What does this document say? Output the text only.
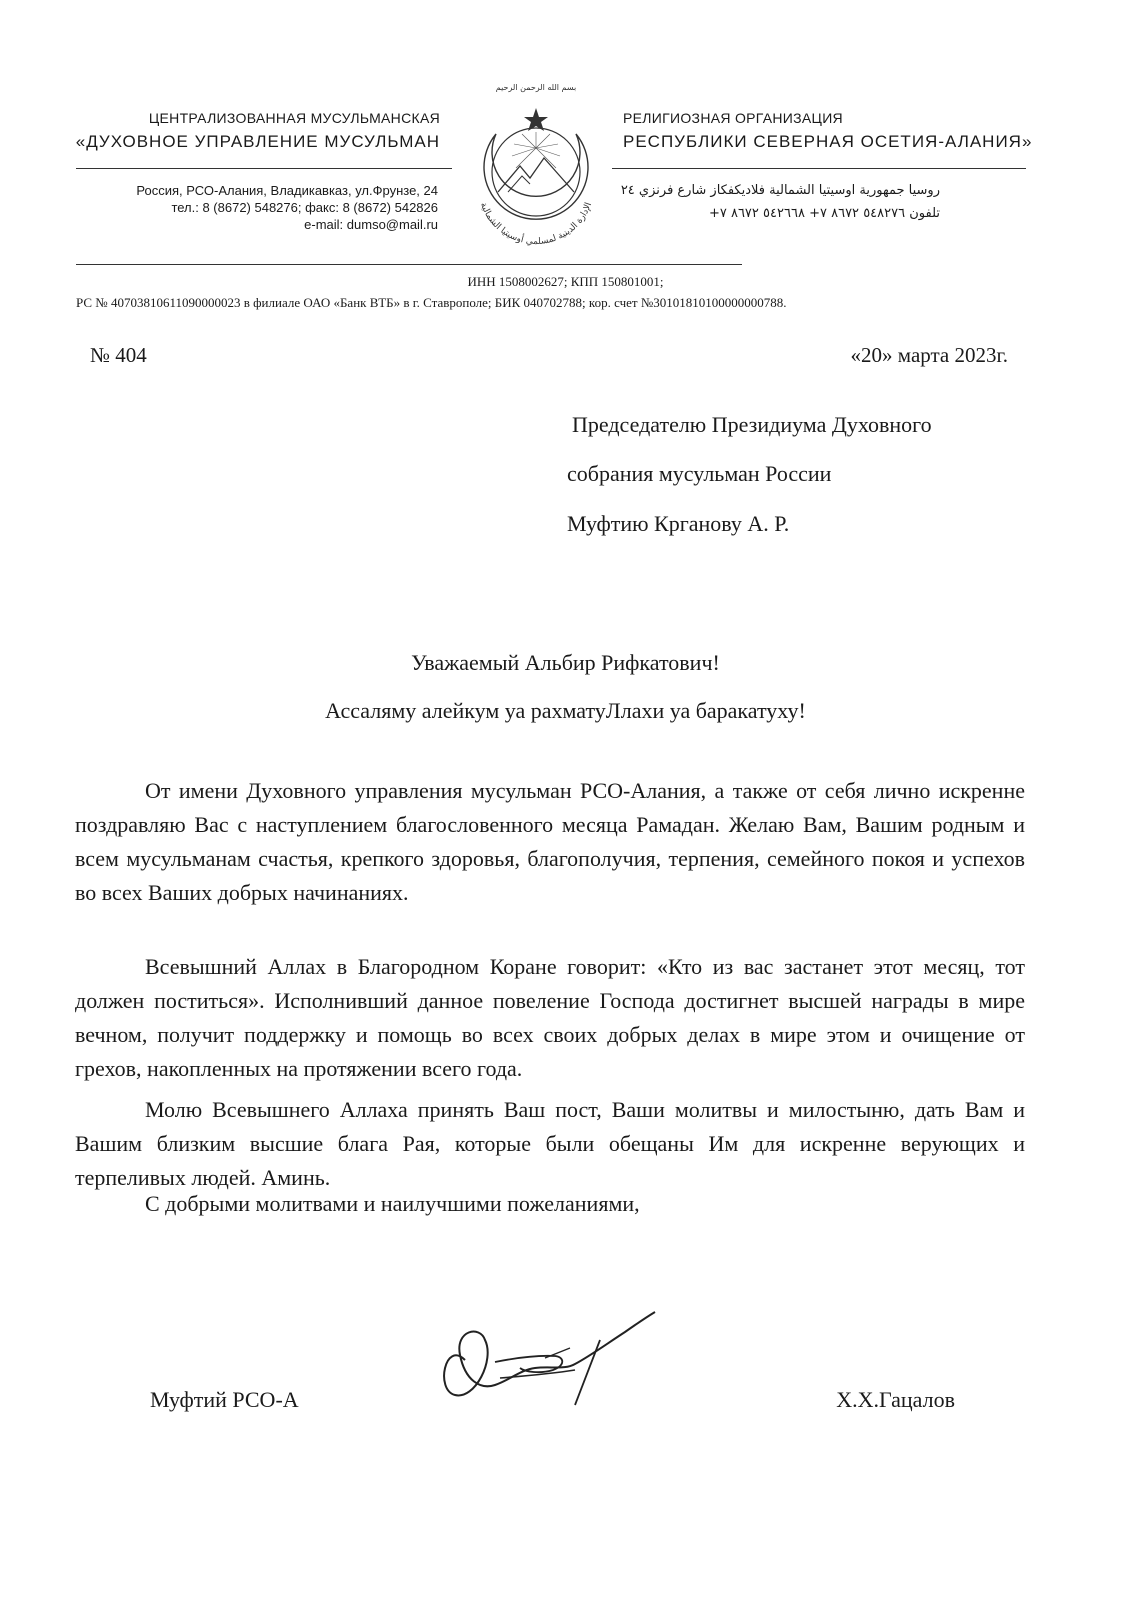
ЦЕНТРАЛИЗОВАННАЯ МУСУЛЬМАНСКАЯ
«ДУХОВНОЕ УПРАВЛЕНИЕ МУСУЛЬМАН
РЕЛИГИОЗНАЯ ОРГАНИЗАЦИЯ
РЕСПУБЛИКИ СЕВЕРНАЯ ОСЕТИЯ-АЛАНИЯ»
Россия, РСО-Алания, Владикавказ, ул.Фрунзе, 24
тел.: 8 (8672) 548276; факс: 8 (8672) 542826
e-mail: dumso@mail.ru
روسيا جمهورية اوسيتيا الشمالية فلاديكفكاز شارع فرنزي ٢٤
تلفون ٥٤٨٢٧٦ ٨٦٧٢ ٧+ ٥٤٢٦٦٨ ٨٦٧٢ ٧+
بسم الله الرحمن الرحيم
الإدارة الدينية لمسلمي أوسيتيا الشمالية
ИНН 1508002627; КПП 150801001;
РС № 40703810611090000023 в филиале ОАО «Банк ВТБ» в г. Ставрополе; БИК 040702788; кор. счет №30101810100000000788.
№ 404	«20» марта 2023г.
Председателю Президиума Духовного
собрания мусульман России
Муфтию Крганову А. Р.
Уважаемый Альбир Рифкатович!
Ассаляму алейкум уа рахматуЛлахи уа баракатуху!

От имени Духовного управления мусульман РСО-Алания, а также от себя лично искренне поздравляю Вас с наступлением благословенного месяца Рамадан. Желаю Вам, Вашим родным и всем мусульманам счастья, крепкого здоровья, благополучия, терпения, семейного покоя и успехов во всех Ваших добрых начинаниях.

Всевышний Аллах в Благородном Коране говорит: «Кто из вас застанет этот месяц, тот должен поститься». Исполнивший данное повеление Господа достигнет высшей награды в мире вечном, получит поддержку и помощь во всех своих добрых делах в мире этом и очищение от грехов, накопленных на протяжении всего года.

Молю Всевышнего Аллаха принять Ваш пост, Ваши молитвы и милостыню, дать Вам и Вашим близким высшие блага Рая, которые были обещаны Им для искренне верующих и терпеливых людей. Аминь.

С добрыми молитвами и наилучшими пожеланиями,

Муфтий РСО-А	Х.Х.Гацалов
